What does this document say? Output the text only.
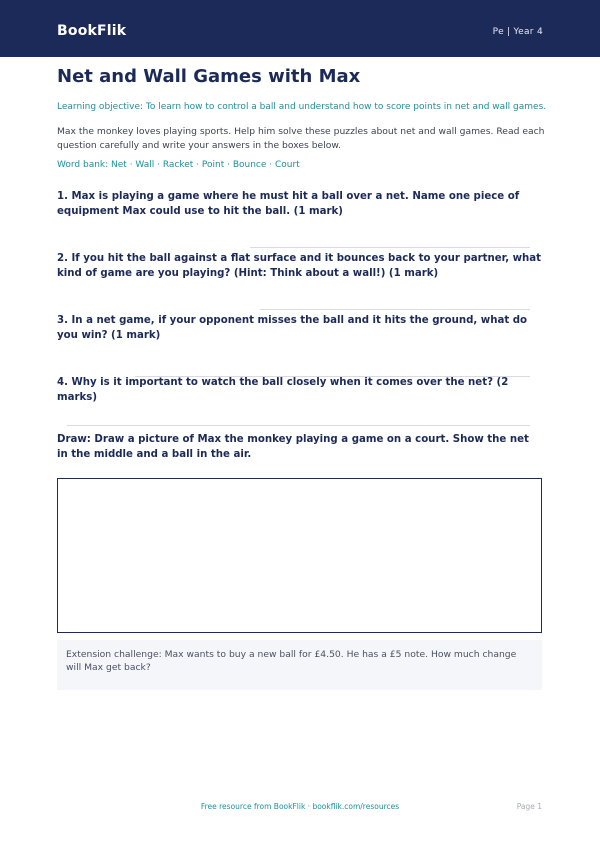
BookFlik	Pe | Year 4
Net and Wall Games with Max
Learning objective: To learn how to control a ball and understand how to score points in net and wall games.
Max the monkey loves playing sports. Help him solve these puzzles about net and wall games. Read each question carefully and write your answers in the boxes below.
Word bank: Net · Wall · Racket · Point · Bounce · Court
1. Max is playing a game where he must hit a ball over a net. Name one piece of equipment Max could use to hit the ball. (1 mark)
2. If you hit the ball against a flat surface and it bounces back to your partner, what kind of game are you playing? (Hint: Think about a wall!) (1 mark)
3. In a net game, if your opponent misses the ball and it hits the ground, what do you win? (1 mark)
4. Why is it important to watch the ball closely when it comes over the net? (2 marks)
Draw: Draw a picture of Max the monkey playing a game on a court. Show the net in the middle and a ball in the air.
Extension challenge: Max wants to buy a new ball for £4.50. He has a £5 note. How much change will Max get back?
Free resource from BookFlik · bookflik.com/resources	Page 1
